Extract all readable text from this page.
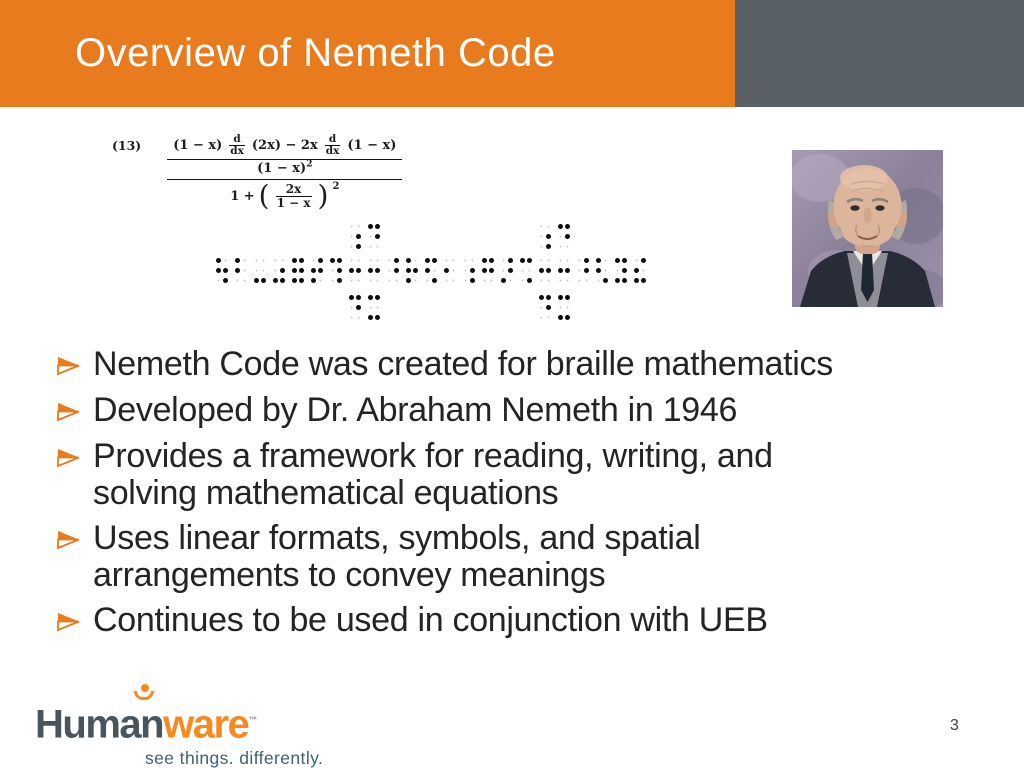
Overview of Nemeth Code
(13) (1 − x) d
dx (2x) − 2x d
dx (1 − x)
$(1 - x)^2$
1 + ( 2x
1 − x ) 2
Nemeth Code was created for braille mathematics
Developed by Dr. Abraham Nemeth in 1946
Provides a framework for reading, writing, and
solving mathematical equations
Uses linear formats, symbols, and spatial
arrangements to convey meanings
Continues to be used in conjunction with UEB
Humanware™
see things. differently.
3
